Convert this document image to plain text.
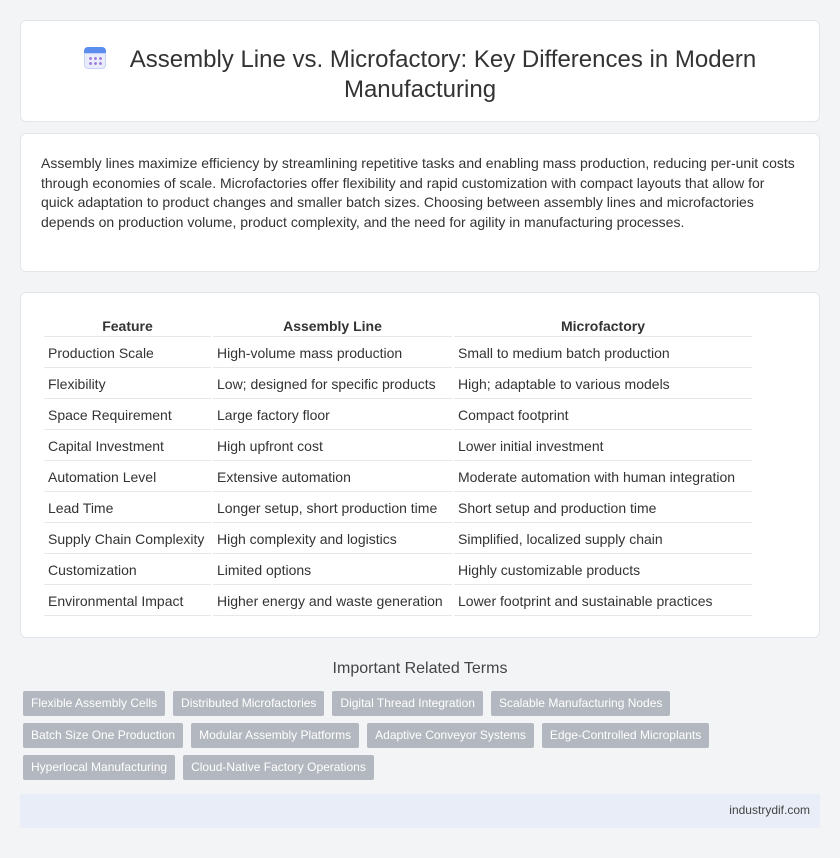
Assembly Line vs. Microfactory: Key Differences in Modern Manufacturing

Assembly lines maximize efficiency by streamlining repetitive tasks and enabling mass production, reducing per-unit costs through economies of scale. Microfactories offer flexibility and rapid customization with compact layouts that allow for quick adaptation to product changes and smaller batch sizes. Choosing between assembly lines and microfactories depends on production volume, product complexity, and the need for agility in manufacturing processes.

Feature	Assembly Line	Microfactory
Production Scale	High-volume mass production	Small to medium batch production
Flexibility	Low; designed for specific products	High; adaptable to various models
Space Requirement	Large factory floor	Compact footprint
Capital Investment	High upfront cost	Lower initial investment
Automation Level	Extensive automation	Moderate automation with human integration
Lead Time	Longer setup, short production time	Short setup and production time
Supply Chain Complexity	High complexity and logistics	Simplified, localized supply chain
Customization	Limited options	Highly customizable products
Environmental Impact	Higher energy and waste generation	Lower footprint and sustainable practices
Important Related Terms
Flexible Assembly Cells	Distributed Microfactories	Digital Thread Integration	Scalable Manufacturing Nodes
Batch Size One Production	Modular Assembly Platforms	Adaptive Conveyor Systems	Edge-Controlled Microplants
Hyperlocal Manufacturing	Cloud-Native Factory Operations
industrydif.com
